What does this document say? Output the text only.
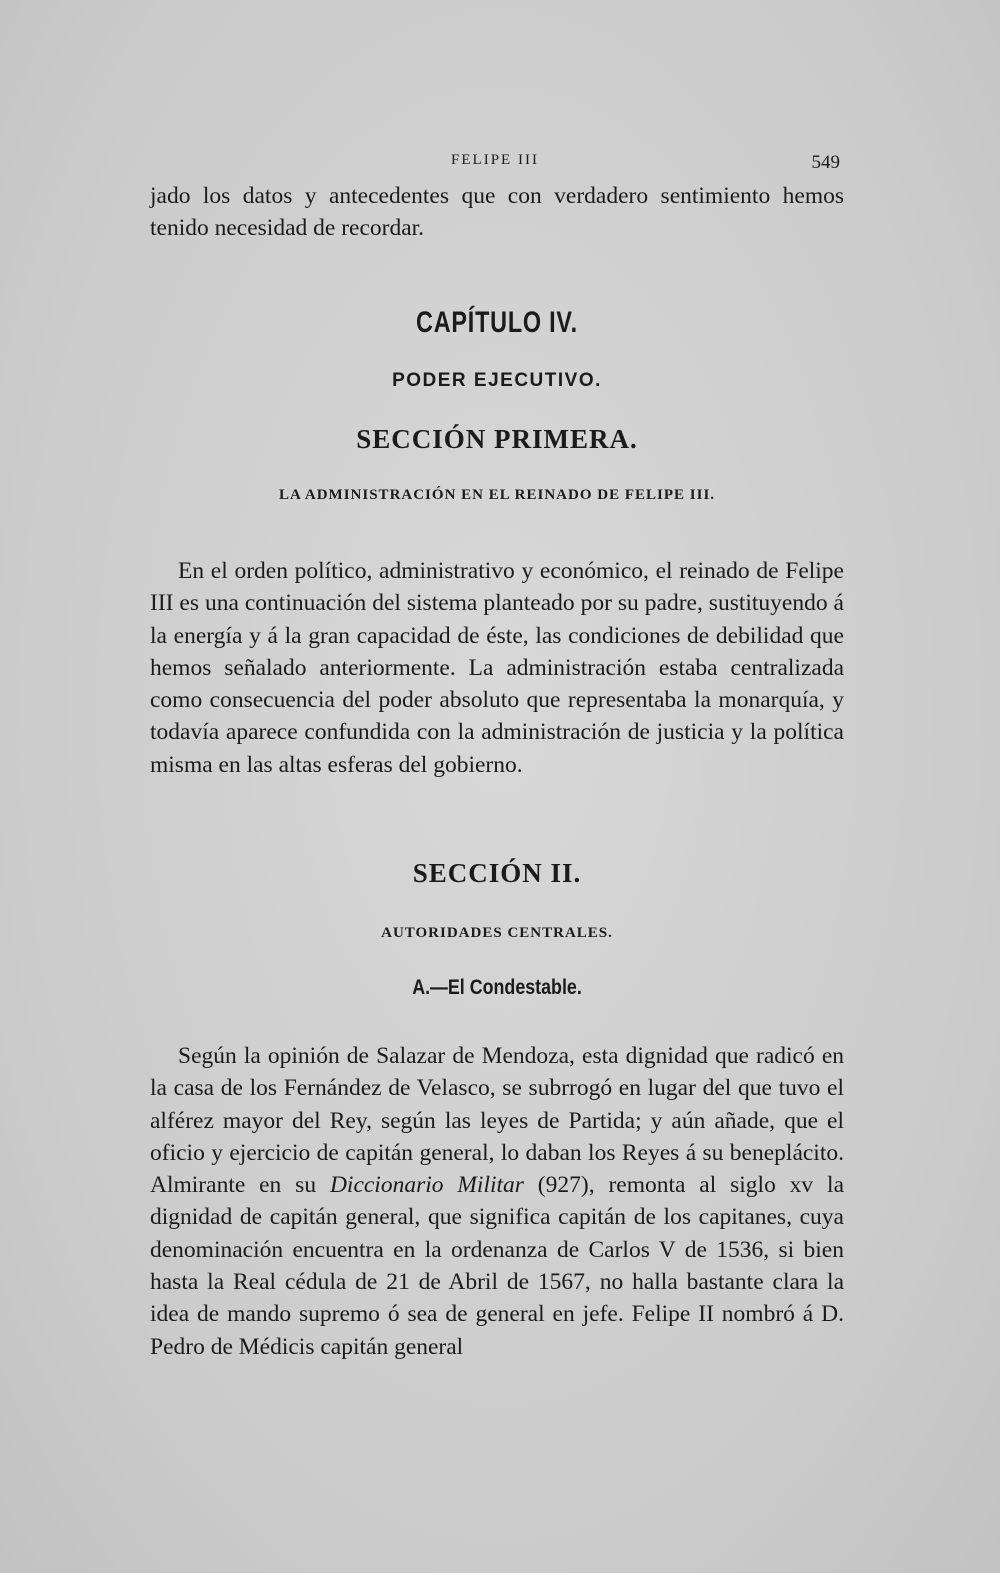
FELIPE III	549

jado los datos y antecedentes que con verdadero sentimiento hemos tenido necesidad de recordar.

CAPÍTULO IV.
PODER EJECUTIVO.
SECCIÓN PRIMERA.
LA ADMINISTRACIÓN EN EL REINADO DE FELIPE III.

En el orden político, administrativo y económico, el reinado de Felipe III es una continuación del sistema planteado por su padre, sustituyendo á la energía y á la gran capacidad de éste, las condiciones de debilidad que hemos señalado anteriormente. La administración estaba centralizada como consecuencia del poder absoluto que representaba la monarquía, y todavía aparece confundida con la administración de justicia y la política misma en las altas esferas del gobierno.

SECCIÓN II.
AUTORIDADES CENTRALES.
A.—El Condestable.

Según la opinión de Salazar de Mendoza, esta dignidad que radicó en la casa de los Fernández de Velasco, se subrrogó en lugar del que tuvo el alférez mayor del Rey, según las leyes de Partida; y aún añade, que el oficio y ejercicio de capitán general, lo daban los Reyes á su beneplácito. Almirante en su Diccionario Militar (927), remonta al siglo xv la dignidad de capitán general, que significa capitán de los capitanes, cuya denominación encuentra en la ordenanza de Carlos V de 1536, si bien hasta la Real cédula de 21 de Abril de 1567, no halla bastante clara la idea de mando supremo ó sea de general en jefe. Felipe II nombró á D. Pedro de Médicis capitán general
